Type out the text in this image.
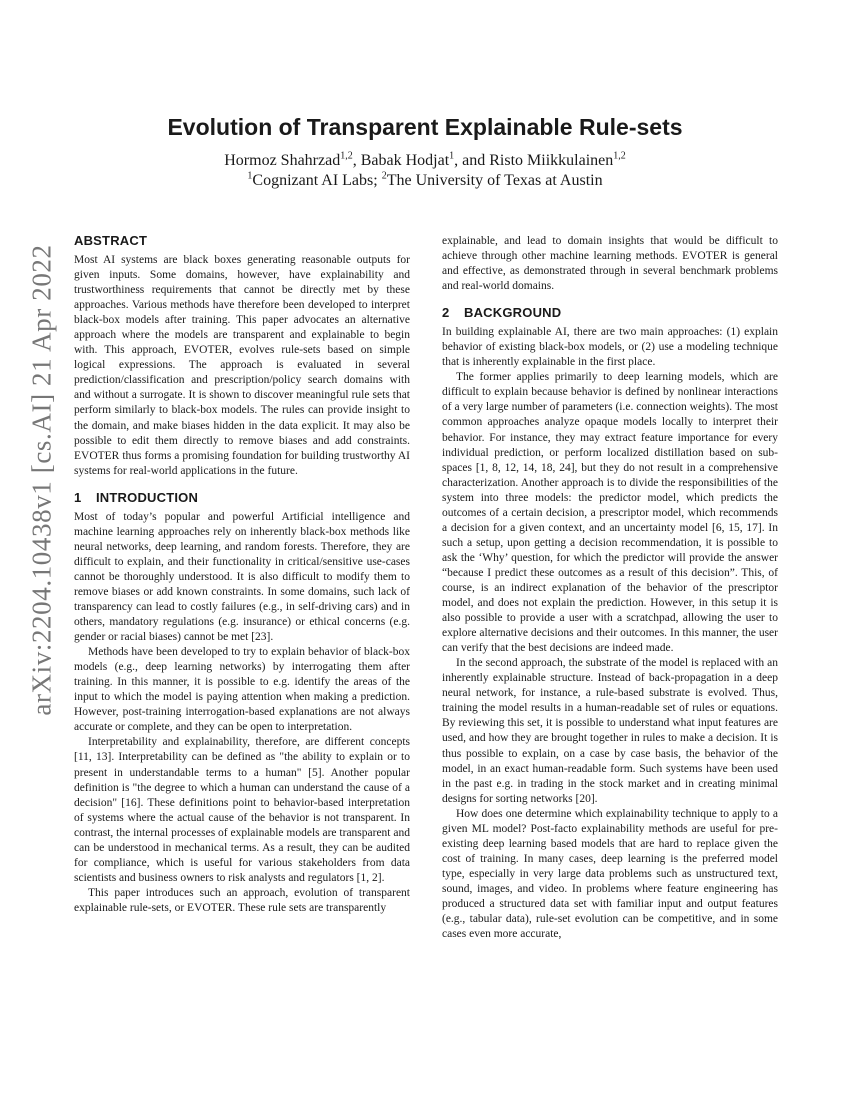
arXiv:2204.10438v1 [cs.AI] 21 Apr 2022
Evolution of Transparent Explainable Rule-sets
Hormoz Shahrzad$^{1,2}$, Babak Hodjat$^1$, and Risto Miikkulainen$^{1,2}$
$^1$Cognizant AI Labs; $^2$The University of Texas at Austin
ABSTRACT

Most AI systems are black boxes generating reasonable outputs for given inputs. Some domains, however, have explainability and trustworthiness requirements that cannot be directly met by these approaches. Various methods have therefore been developed to interpret black-box models after training. This paper advocates an alternative approach where the models are transparent and explainable to begin with. This approach, EVOTER, evolves rule-sets based on simple logical expressions. The approach is evaluated in several prediction/classification and prescription/policy search domains with and without a surrogate. It is shown to discover meaningful rule sets that perform similarly to black-box models. The rules can provide insight to the domain, and make biases hidden in the data explicit. It may also be possible to edit them directly to remove biases and add constraints. EVOTER thus forms a promising foundation for building trustworthy AI systems for real-world applications in the future.

1 INTRODUCTION

Most of today’s popular and powerful Artificial intelligence and machine learning approaches rely on inherently black-box methods like neural networks, deep learning, and random forests. Therefore, they are difficult to explain, and their functionality in critical/sensitive use-cases cannot be thoroughly understood. It is also difficult to modify them to remove biases or add known constraints. In some domains, such lack of transparency can lead to costly failures (e.g., in self-driving cars) and in others, mandatory regulations (e.g. insurance) or ethical concerns (e.g. gender or racial biases) cannot be met [23].

Methods have been developed to try to explain behavior of black-box models (e.g., deep learning networks) by interrogating them after training. In this manner, it is possible to e.g. identify the areas of the input to which the model is paying attention when making a prediction. However, post-training interrogation-based explanations are not always accurate or complete, and they can be open to interpretation.

Interpretability and explainability, therefore, are different concepts [11, 13]. Interpretability can be defined as "the ability to explain or to present in understandable terms to a human" [5]. Another popular definition is "the degree to which a human can understand the cause of a decision" [16]. These definitions point to behavior-based interpretation of systems where the actual cause of the behavior is not transparent. In contrast, the internal processes of explainable models are transparent and can be understood in mechanical terms. As a result, they can be audited for compliance, which is useful for various stakeholders from data scientists and business owners to risk analysts and regulators [1, 2].

This paper introduces such an approach, evolution of transparent explainable rule-sets, or EVOTER. These rule sets are transparently

explainable, and lead to domain insights that would be difficult to achieve through other machine learning methods. EVOTER is general and effective, as demonstrated through in several benchmark problems and real-world domains.

2 BACKGROUND

In building explainable AI, there are two main approaches: (1) explain behavior of existing black-box models, or (2) use a modeling technique that is inherently explainable in the first place.

The former applies primarily to deep learning models, which are difficult to explain because behavior is defined by nonlinear interactions of a very large number of parameters (i.e. connection weights). The most common approaches analyze opaque models locally to interpret their behavior. For instance, they may extract feature importance for every individual prediction, or perform localized distillation based on sub-spaces [1, 8, 12, 14, 18, 24], but they do not result in a comprehensive characterization. Another approach is to divide the responsibilities of the system into three models: the predictor model, which predicts the outcomes of a certain decision, a prescriptor model, which recommends a decision for a given context, and an uncertainty model [6, 15, 17]. In such a setup, upon getting a decision recommendation, it is possible to ask the ‘Why’ question, for which the predictor will provide the answer “because I predict these outcomes as a result of this decision”. This, of course, is an indirect explanation of the behavior of the prescriptor model, and does not explain the prediction. However, in this setup it is also possible to provide a user with a scratchpad, allowing the user to explore alternative decisions and their outcomes. In this manner, the user can verify that the best decisions are indeed made.

In the second approach, the substrate of the model is replaced with an inherently explainable structure. Instead of back-propagation in a deep neural network, for instance, a rule-based substrate is evolved. Thus, training the model results in a human-readable set of rules or equations. By reviewing this set, it is possible to understand what input features are used, and how they are brought together in rules to make a decision. It is thus possible to explain, on a case by case basis, the behavior of the model, in an exact human-readable form. Such systems have been used in the past e.g. in trading in the stock market and in creating minimal designs for sorting networks [20].

How does one determine which explainability technique to apply to a given ML model? Post-facto explainability methods are useful for pre-existing deep learning based models that are hard to replace given the cost of training. In many cases, deep learning is the preferred model type, especially in very large data problems such as unstructured text, sound, images, and video. In problems where feature engineering has produced a structured data set with familiar input and output features (e.g., tabular data), rule-set evolution can be competitive, and in some cases even more accurate,
